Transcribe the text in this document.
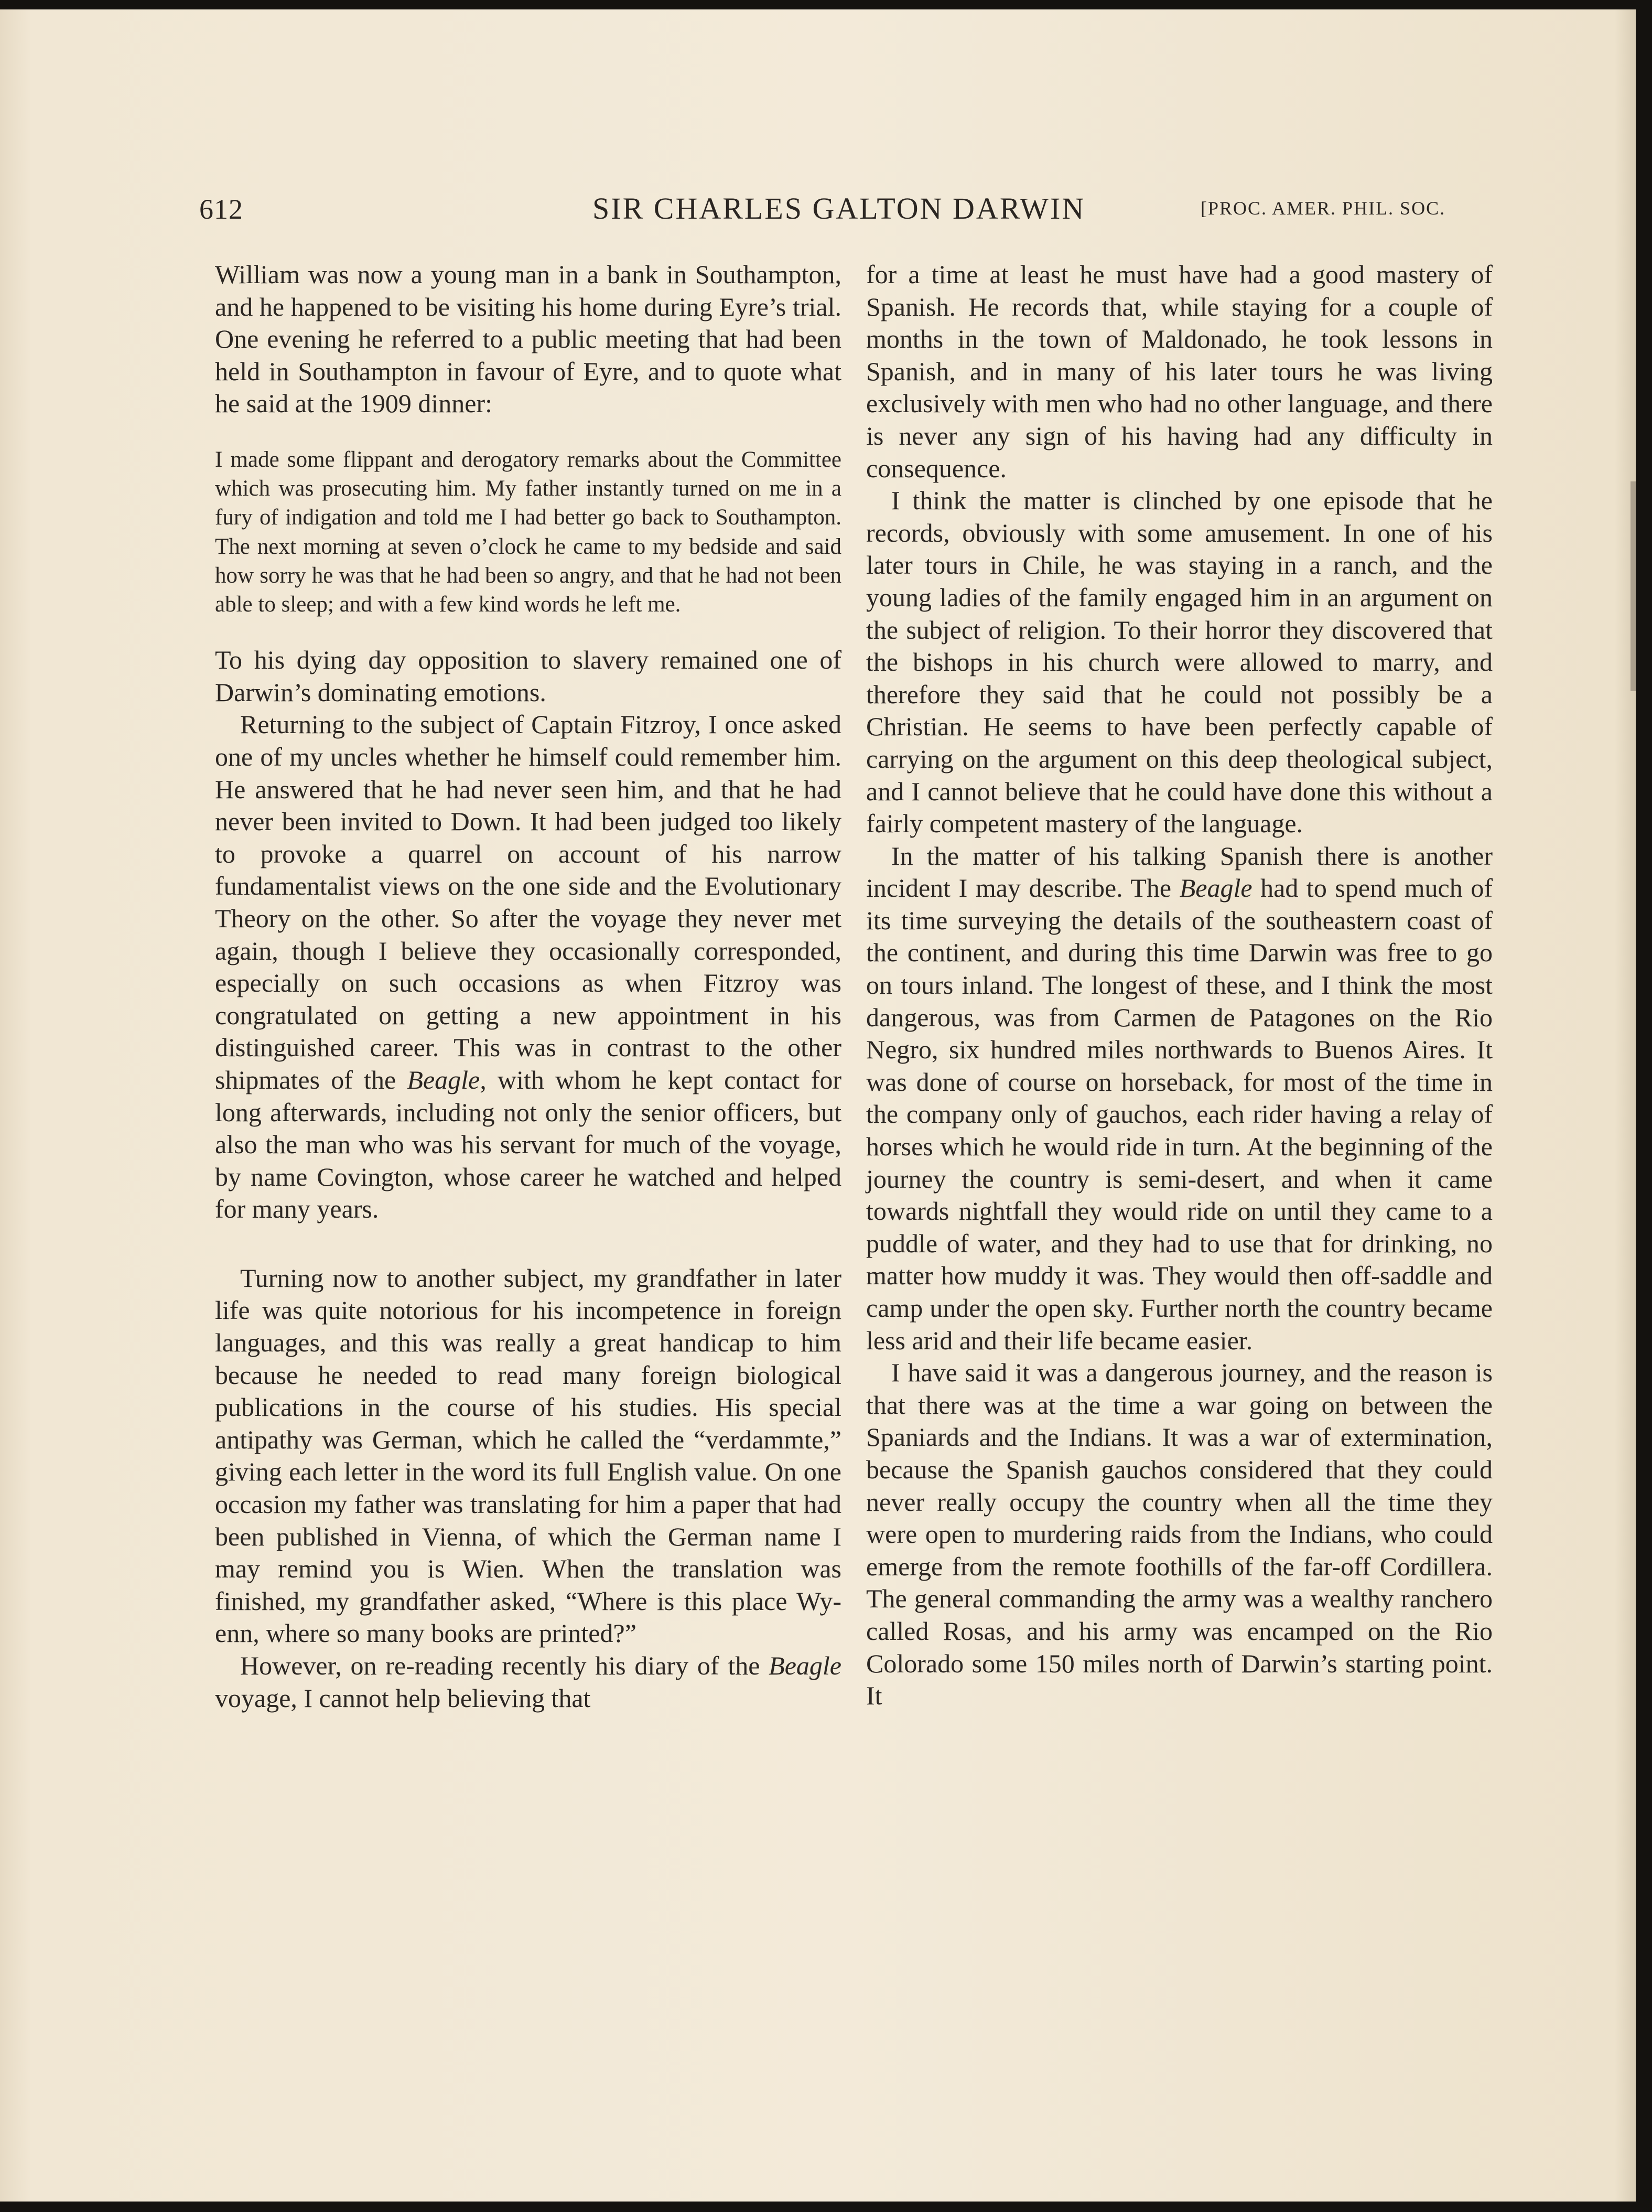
612	SIR CHARLES GALTON DARWIN	[PROC. AMER. PHIL. SOC.

William was now a young man in a bank in Southampton, and he happened to be visiting his home during Eyre’s trial. One evening he referred to a public meeting that had been held in Southampton in favour of Eyre, and to quote what he said at the 1909 dinner:

I made some flippant and derogatory remarks about the Committee which was prosecuting him. My father instantly turned on me in a fury of indigation and told me I had better go back to Southampton. The next morning at seven o’clock he came to my bedside and said how sorry he was that he had been so angry, and that he had not been able to sleep; and with a few kind words he left me.

To his dying day opposition to slavery remained one of Darwin’s dominating emotions.

Returning to the subject of Captain Fitzroy, I once asked one of my uncles whether he himself could remember him. He answered that he had never seen him, and that he had never been invited to Down. It had been judged too likely to provoke a quarrel on account of his narrow fundamentalist views on the one side and the Evolutionary Theory on the other. So after the voyage they never met again, though I believe they occasionally corresponded, especially on such occasions as when Fitzroy was congratulated on getting a new appointment in his distinguished career. This was in contrast to the other shipmates of the Beagle, with whom he kept contact for long afterwards, including not only the senior officers, but also the man who was his servant for much of the voyage, by name Covington, whose career he watched and helped for many years.

Turning now to another subject, my grandfather in later life was quite notorious for his incompetence in foreign languages, and this was really a great handicap to him because he needed to read many foreign biological publications in the course of his studies. His special antipathy was German, which he called the “verdammte,” giving each letter in the word its full English value. On one occasion my father was translating for him a paper that had been published in Vienna, of which the German name I may remind you is Wien. When the translation was finished, my grandfather asked, “Where is this place Wy-enn, where so many books are printed?”

However, on re-reading recently his diary of the Beagle voyage, I cannot help believing that

for a time at least he must have had a good mastery of Spanish. He records that, while staying for a couple of months in the town of Maldonado, he took lessons in Spanish, and in many of his later tours he was living exclusively with men who had no other language, and there is never any sign of his having had any difficulty in consequence.

I think the matter is clinched by one episode that he records, obviously with some amusement. In one of his later tours in Chile, he was staying in a ranch, and the young ladies of the family engaged him in an argument on the subject of religion. To their horror they discovered that the bishops in his church were allowed to marry, and therefore they said that he could not possibly be a Christian. He seems to have been perfectly capable of carrying on the argument on this deep theological subject, and I cannot believe that he could have done this without a fairly competent mastery of the language.

In the matter of his talking Spanish there is another incident I may describe. The Beagle had to spend much of its time surveying the details of the southeastern coast of the continent, and during this time Darwin was free to go on tours inland. The longest of these, and I think the most dangerous, was from Carmen de Patagones on the Rio Negro, six hundred miles northwards to Buenos Aires. It was done of course on horseback, for most of the time in the company only of gauchos, each rider having a relay of horses which he would ride in turn. At the beginning of the journey the country is semi-desert, and when it came towards nightfall they would ride on until they came to a puddle of water, and they had to use that for drinking, no matter how muddy it was. They would then off-saddle and camp under the open sky. Further north the country became less arid and their life became easier.

I have said it was a dangerous journey, and the reason is that there was at the time a war going on between the Spaniards and the Indians. It was a war of extermination, because the Spanish gauchos considered that they could never really occupy the country when all the time they were open to murdering raids from the Indians, who could emerge from the remote foothills of the far-off Cordillera. The general commanding the army was a wealthy ranchero called Rosas, and his army was encamped on the Rio Colorado some 150 miles north of Darwin’s starting point. It
